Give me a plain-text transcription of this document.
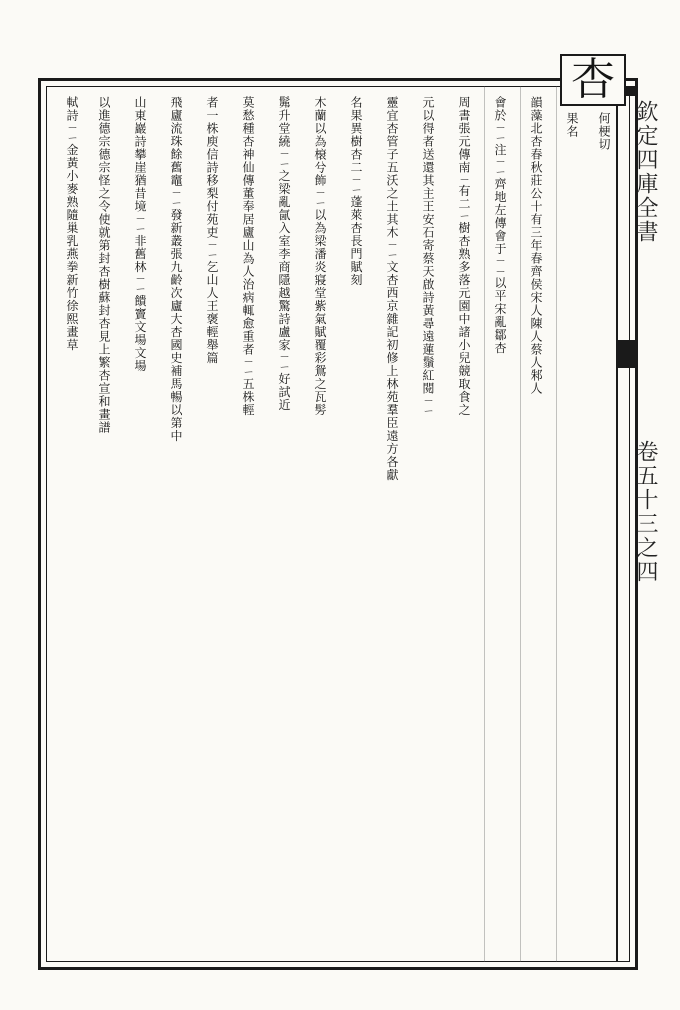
欽定四庫全書
卷五十三之四
杏
何梗切
果名
韻藻北杏春秋莊公十有三年春齊侯宋人陳人蔡人邾人
會於ㄧㄧ注ㄧㄧ齊地左傳會于ㄧㄧ以平宋亂鄒杏
周書張元傳南ㄧ有二ㄧ樹杏熟多落元園中諸小兒競取食之
元以得者送還其主王安石寄蔡天啟詩黃尋遠蓮鬚紅閱ㄧㄧ
靈宜杏管子五沃之土其木ㄧㄧ文杏西京雜記初修上林苑羣臣遠方各獻
名果異樹杏二ㄧㄧ蓬萊杏長門賦刻
木蘭以為榱兮飾ㄧㄧ以為梁潘炎寢堂紫氣賦覆彩鴛之瓦髣
髴升堂繞ㄧㄧ之梁亂氤入室李商隱越驚詩盧家ㄧㄧ好試近
莫愁種杏神仙傳董奉居廬山為人治病輒愈重者ㄧㄧ五株輕
者一株庾信詩移梨付苑吏ㄧㄧ乞山人王褒輕舉篇
飛廬流珠餘舊竈ㄧㄧ發新叢張九齡次廬大杏國史補馬暢以第中
山東巖詩攀崖猶昔境ㄧㄧ非舊林ㄧㄧ饋竇文場文場
以進德宗德宗怪之令使就第封杏樹蘇封杏見上繁杏宣和畫譜
軾詩ㄧㄧ金黃小麥熟隨巢乳燕拳新竹徐熙畫草
